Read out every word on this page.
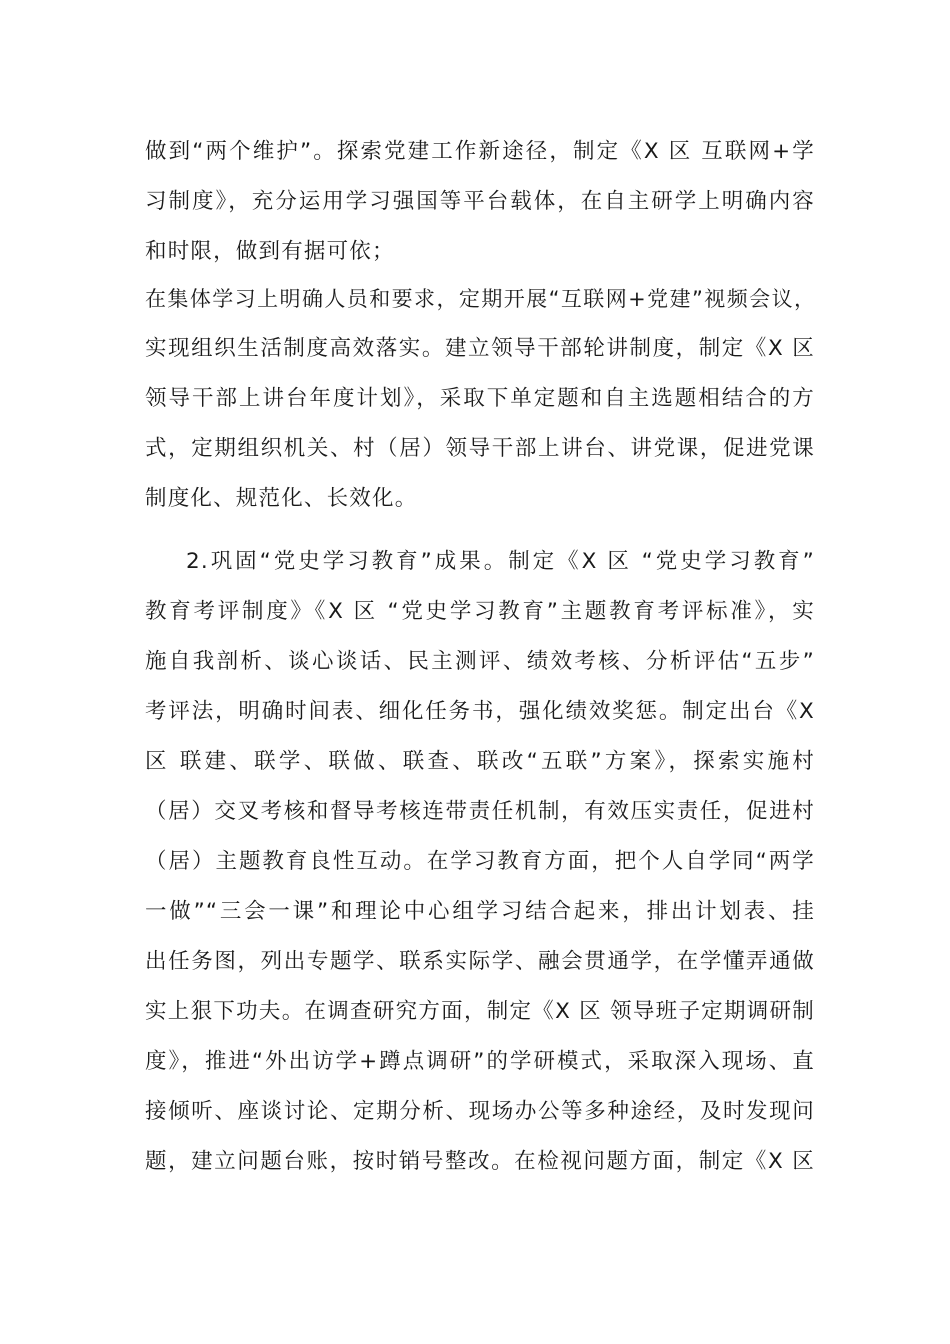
做到“两个维护”。探索党建工作新途径，制定《X 区 互联网+学
习制度》，充分运用学习强国等平台载体，在自主研学上明确内容
和时限，做到有据可依；
在集体学习上明确人员和要求，定期开展“互联网+党建”视频会议，
实现组织生活制度高效落实。建立领导干部轮讲制度，制定《X 区
领导干部上讲台年度计划》，采取下单定题和自主选题相结合的方
式，定期组织机关、村（居）领导干部上讲台、讲党课，促进党课
制度化、规范化、长效化。
2.巩固“党史学习教育”成果。制定《X 区 “党史学习教育”
教育考评制度》《X 区 “党史学习教育”主题教育考评标准》，实
施自我剖析、谈心谈话、民主测评、绩效考核、分析评估“五步”
考评法，明确时间表、细化任务书，强化绩效奖惩。制定出台《X
区 联建、联学、联做、联查、联改“五联”方案》，探索实施村
（居）交叉考核和督导考核连带责任机制，有效压实责任，促进村
（居）主题教育良性互动。在学习教育方面，把个人自学同“两学
一做”“三会一课”和理论中心组学习结合起来，排出计划表、挂
出任务图，列出专题学、联系实际学、融会贯通学，在学懂弄通做
实上狠下功夫。在调查研究方面，制定《X 区 领导班子定期调研制
度》，推进“外出访学+蹲点调研”的学研模式，采取深入现场、直
接倾听、座谈讨论、定期分析、现场办公等多种途经，及时发现问
题，建立问题台账，按时销号整改。在检视问题方面，制定《X 区
